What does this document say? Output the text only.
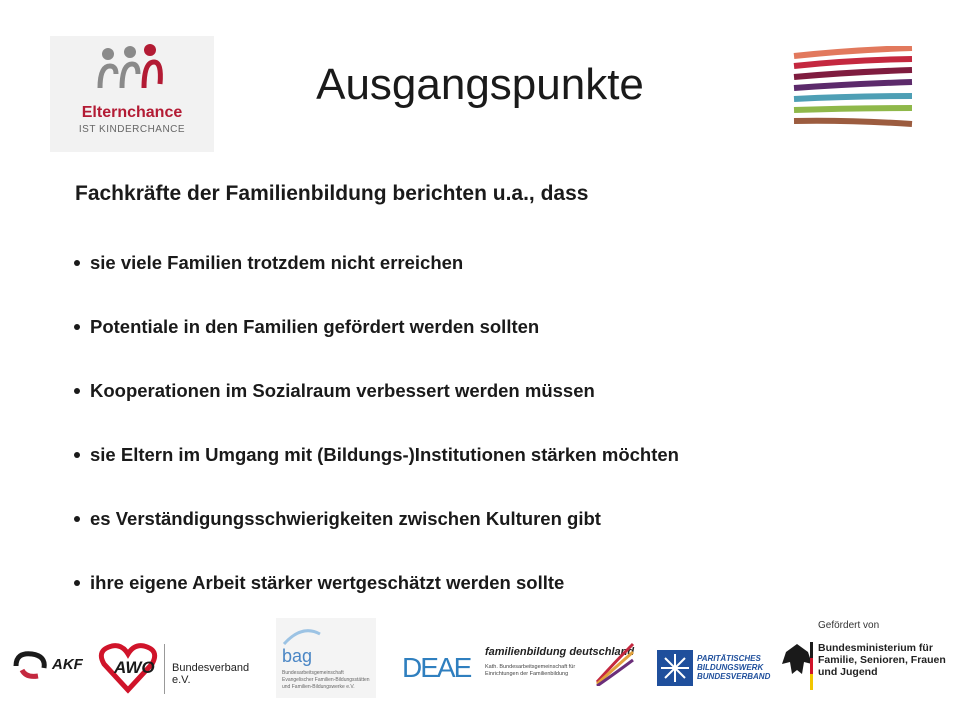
Elternchance
IST KINDERCHANCE
Ausgangspunkte
Fachkräfte der Familienbildung berichten u.a., dass
sie viele Familien trotzdem nicht erreichen
Potentiale in den Familien gefördert werden sollten
Kooperationen im Sozialraum verbessert werden müssen
sie Eltern im Umgang mit (Bildungs-)Institutionen stärken möchten
es Verständigungsschwierigkeiten zwischen Kulturen gibt
ihre eigene Arbeit stärker wertgeschätzt werden sollte
Gefördert von
AKF AWO Bundesverband e.V.
bag
Bundesarbeitsgemeinschaft Evangelischer Familien-Bildungsstätten und Familien-Bildungswerke e.V.
DEAE familienbildung deutschland
Kath. Bundesarbeitsgemeinschaft für Einrichtungen der Familienbildung
PARITÄTISCHES BILDUNGSWERK BUNDESVERBAND
Bundesministerium für Familie, Senioren, Frauen und Jugend
